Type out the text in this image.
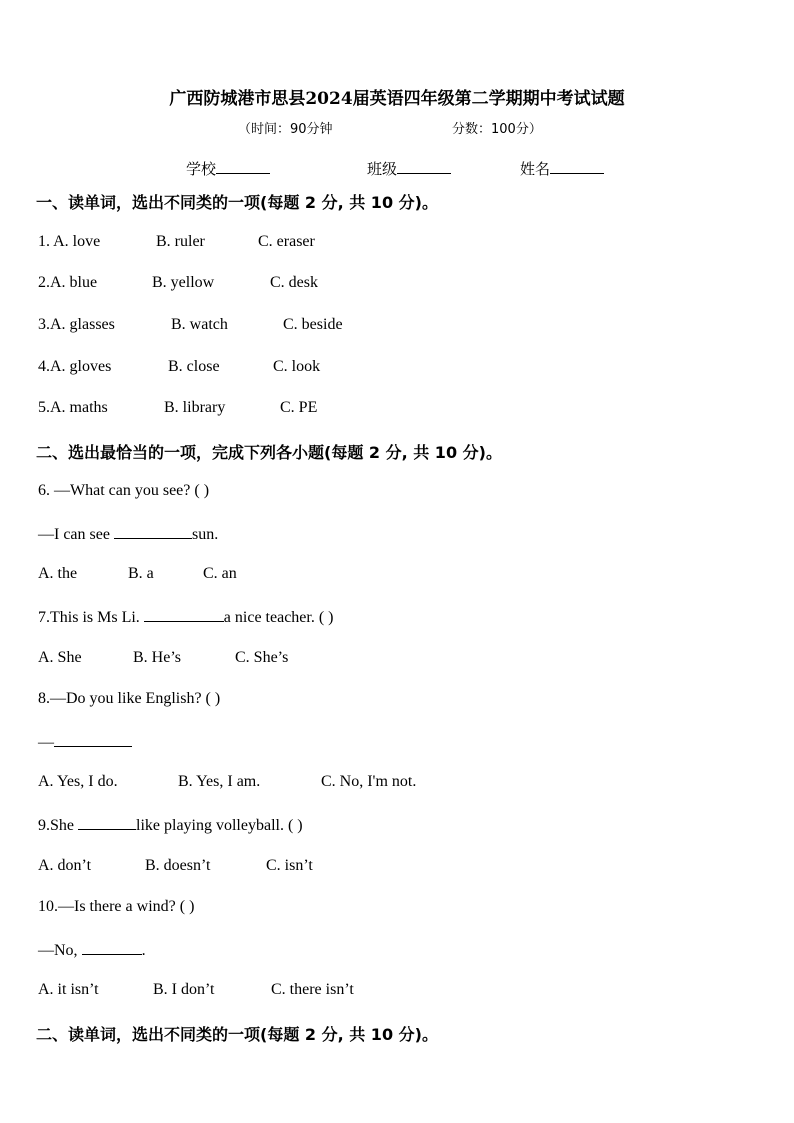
广西防城港市思县2024届英语四年级第二学期期中考试试题
（时间：90分钟	分数：100分）
学校	班级	姓名
一、读单词，选出不同类的一项(每题 2 分, 共 10 分)。
1. A. love	B. ruler	C. eraser
2.A. blue	B. yellow	C. desk
3.A. glasses	B. watch	C. beside
4.A. gloves	B. close	C. look
5.A. maths	B. library	C. PE
二、选出最恰当的一项，完成下列各小题(每题 2 分, 共 10 分)。
6. —What can you see? ( )
—I can see	sun.
A. the	B. a	C. an
7.This is Ms Li.	a nice teacher. ( )
A. She	B. He’s	C. She’s
8.—Do you like English? ( )
—
A. Yes, I do.	B. Yes, I am.	C. No, I'm not.
9.She	like playing volleyball. ( )
A. don’t	B. doesn’t	C. isn’t
10.—Is there a wind? ( )
—No,	.
A. it isn’t	B. I don’t	C. there isn’t
二、读单词，选出不同类的一项(每题 2 分, 共 10 分)。
